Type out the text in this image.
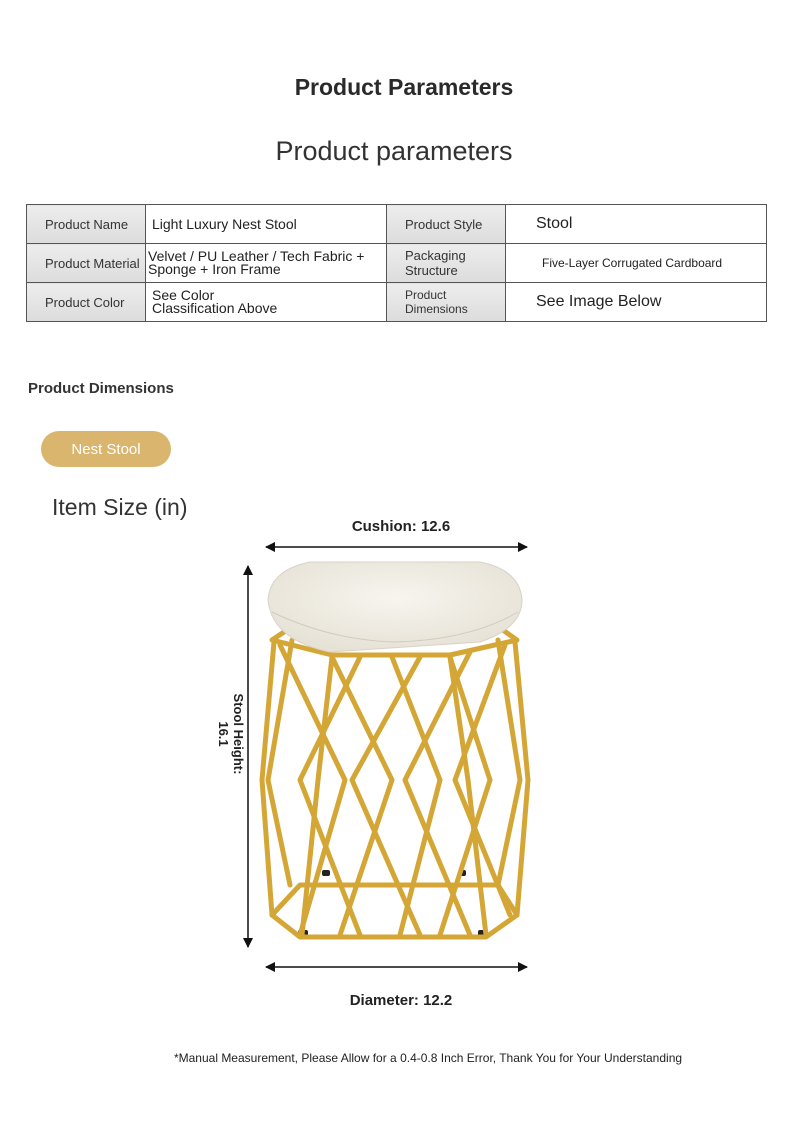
Product Parameters
Product parameters
Product Name	Light Luxury Nest Stool	Product Style	Stool
Product Material	Velvet / PU Leather / Tech Fabric +
Sponge + Iron Frame	Packaging Structure	Five-Layer Corrugated Cardboard
Product Color	See Color
Classification Above	Product Dimensions	See Image Below
Product Dimensions
Nest Stool
Item Size (in)
Cushion: 12.6
Stool Height: 16.1
Diameter: 12.2
*Manual Measurement, Please Allow for a 0.4-0.8 Inch Error, Thank You for Your Understanding
